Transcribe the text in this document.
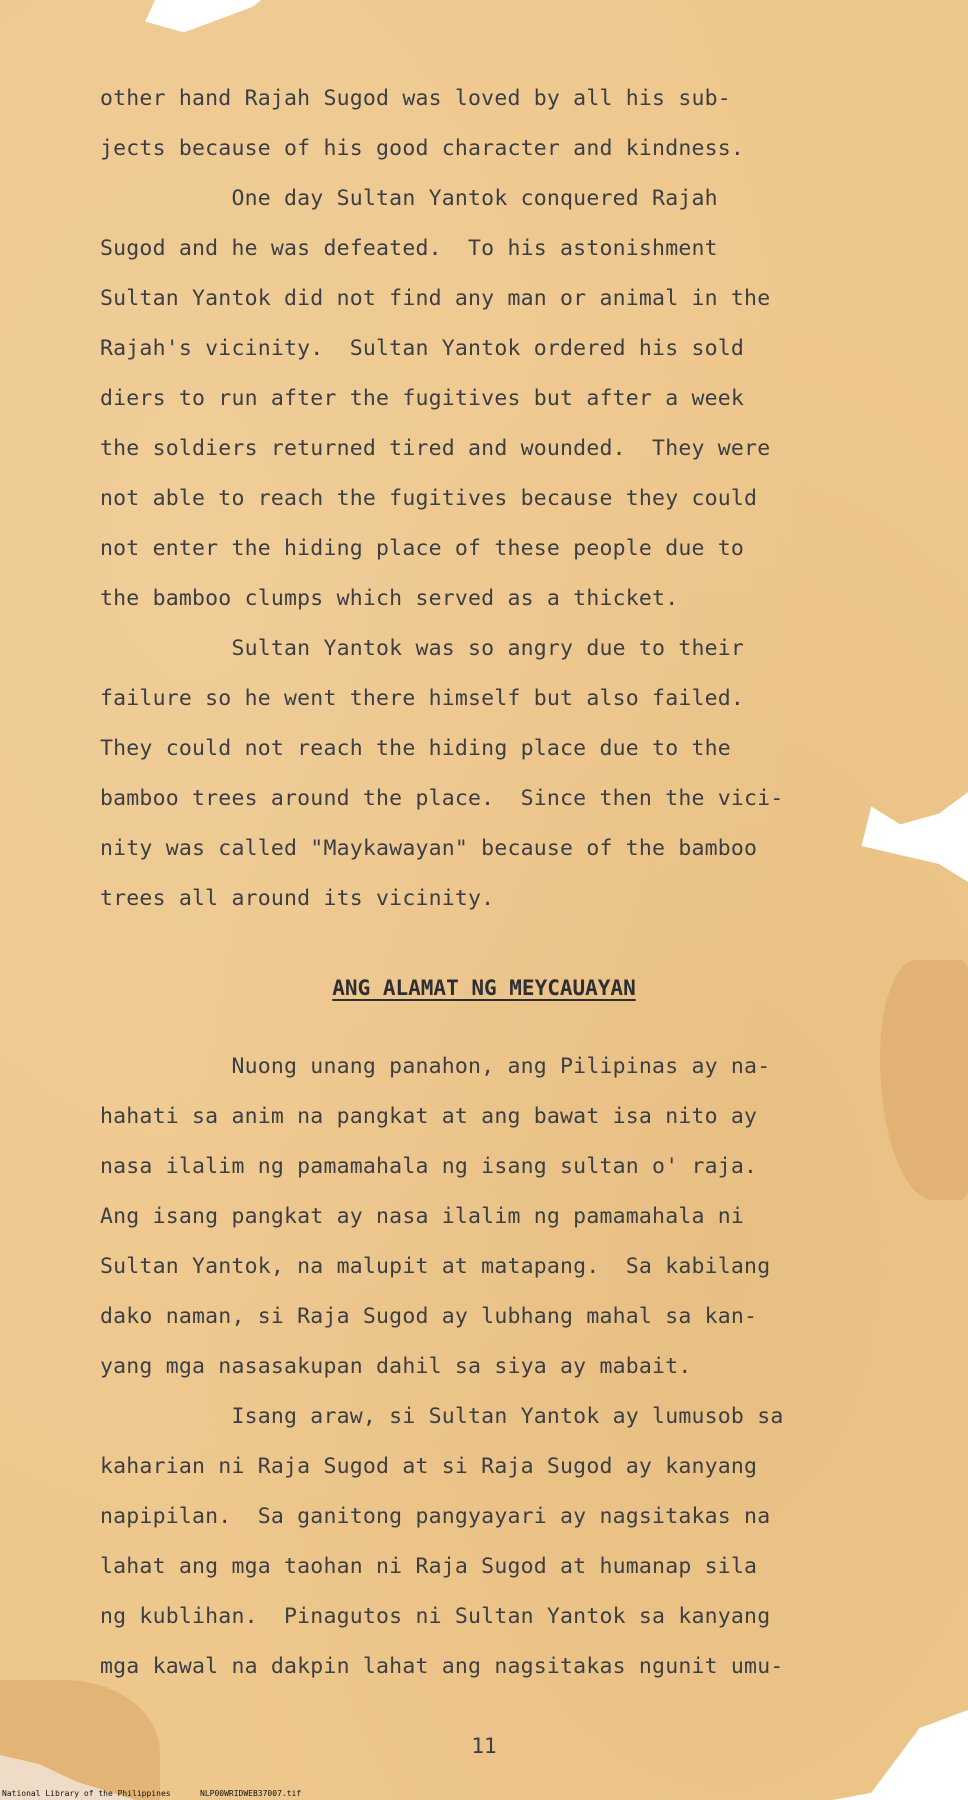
other hand Rajah Sugod was loved by all his sub-
jects because of his good character and kindness.
One day Sultan Yantok conquered Rajah
Sugod and he was defeated.  To his astonishment
Sultan Yantok did not find any man or animal in the
Rajah's vicinity.  Sultan Yantok ordered his sold
diers to run after the fugitives but after a week
the soldiers returned tired and wounded.  They were
not able to reach the fugitives because they could
not enter the hiding place of these people due to
the bamboo clumps which served as a thicket.
Sultan Yantok was so angry due to their
failure so he went there himself but also failed.
They could not reach the hiding place due to the
bamboo trees around the place.  Since then the vici-
nity was called "Maykawayan" because of the bamboo
trees all around its vicinity.
ANG ALAMAT NG MEYCAUAYAN
Nuong unang panahon, ang Pilipinas ay na-
hahati sa anim na pangkat at ang bawat isa nito ay
nasa ilalim ng pamamahala ng isang sultan o' raja.
Ang isang pangkat ay nasa ilalim ng pamamahala ni
Sultan Yantok, na malupit at matapang.  Sa kabilang
dako naman, si Raja Sugod ay lubhang mahal sa kan-
yang mga nasasakupan dahil sa siya ay mabait.
Isang araw, si Sultan Yantok ay lumusob sa
kaharian ni Raja Sugod at si Raja Sugod ay kanyang
napipilan.  Sa ganitong pangyayari ay nagsitakas na
lahat ang mga taohan ni Raja Sugod at humanap sila
ng kublihan.  Pinagutos ni Sultan Yantok sa kanyang
mga kawal na dakpin lahat ang nagsitakas ngunit umu-
11
National Library of the Philippines	NLP00WRIDWEB37007.tif
